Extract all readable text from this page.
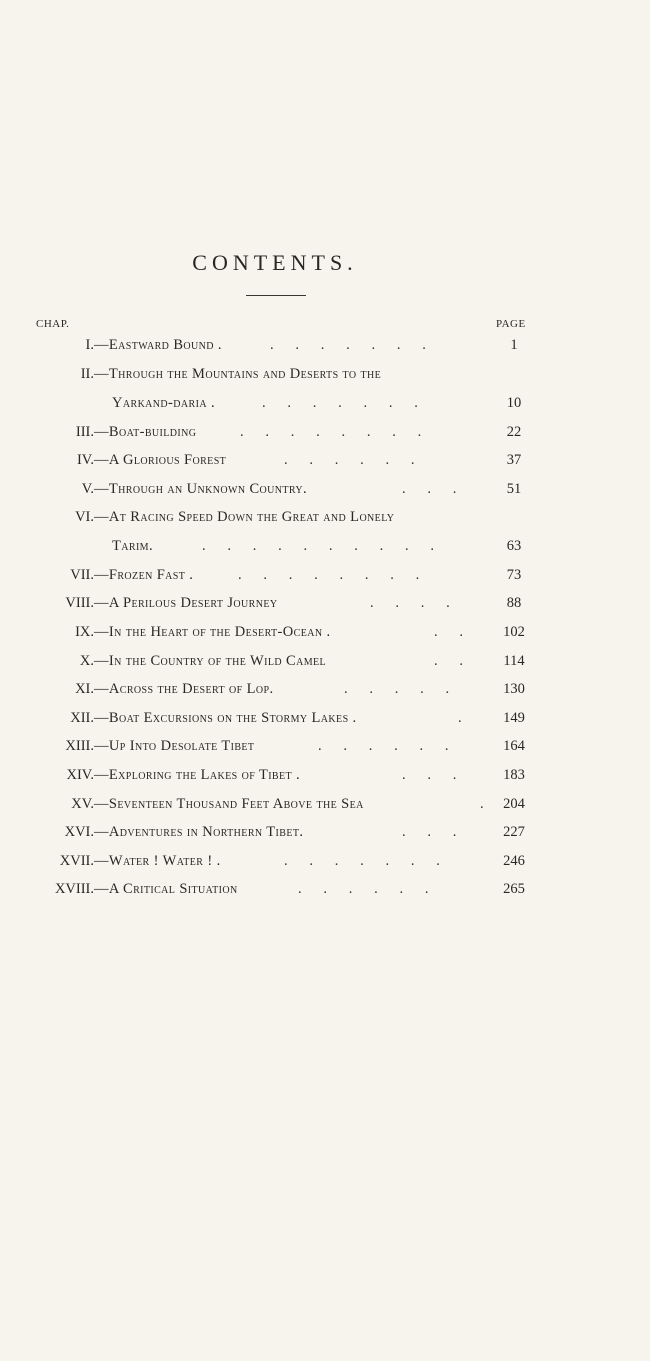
CONTENTS.
CHAP.	PAGE
I. —Eastward Bound .	.      .      .      .      .      .      .	1
II. —Through the Mountains and Deserts to the
Yarkand-daria .	.      .      .      .      .      .      .	10
III. —Boat-building	.      .      .      .      .      .      .      .	22
IV. —A Glorious Forest	.      .      .      .      .      .	37
V. —Through an Unknown Country.	.      .      .	51
VI. —At Racing Speed Down the Great and Lonely
Tarim.	.      .      .      .      .      .      .      .      .      .	63
VII. —Frozen Fast .	.      .      .      .      .      .      .      .	73
VIII. —A Perilous Desert Journey	.      .      .      .	88
IX. —In the Heart of the Desert-Ocean .	.      .	102
X. —In the Country of the Wild Camel	.      .	114
XI. —Across the Desert of Lop.	.      .      .      .      .	130
XII. —Boat Excursions on the Stormy Lakes .	.	149
XIII. —Up Into Desolate Tibet	.      .      .      .      .      .	164
XIV. —Exploring the Lakes of Tibet .	.      .      .	183
XV. —Seventeen Thousand Feet Above the Sea	.	204
XVI. —Adventures in Northern Tibet.	.      .      .	227
XVII. —Water ! Water ! .	.      .      .      .      .      .      .	246
XVIII. —A Critical Situation	.      .      .      .      .      .	265
